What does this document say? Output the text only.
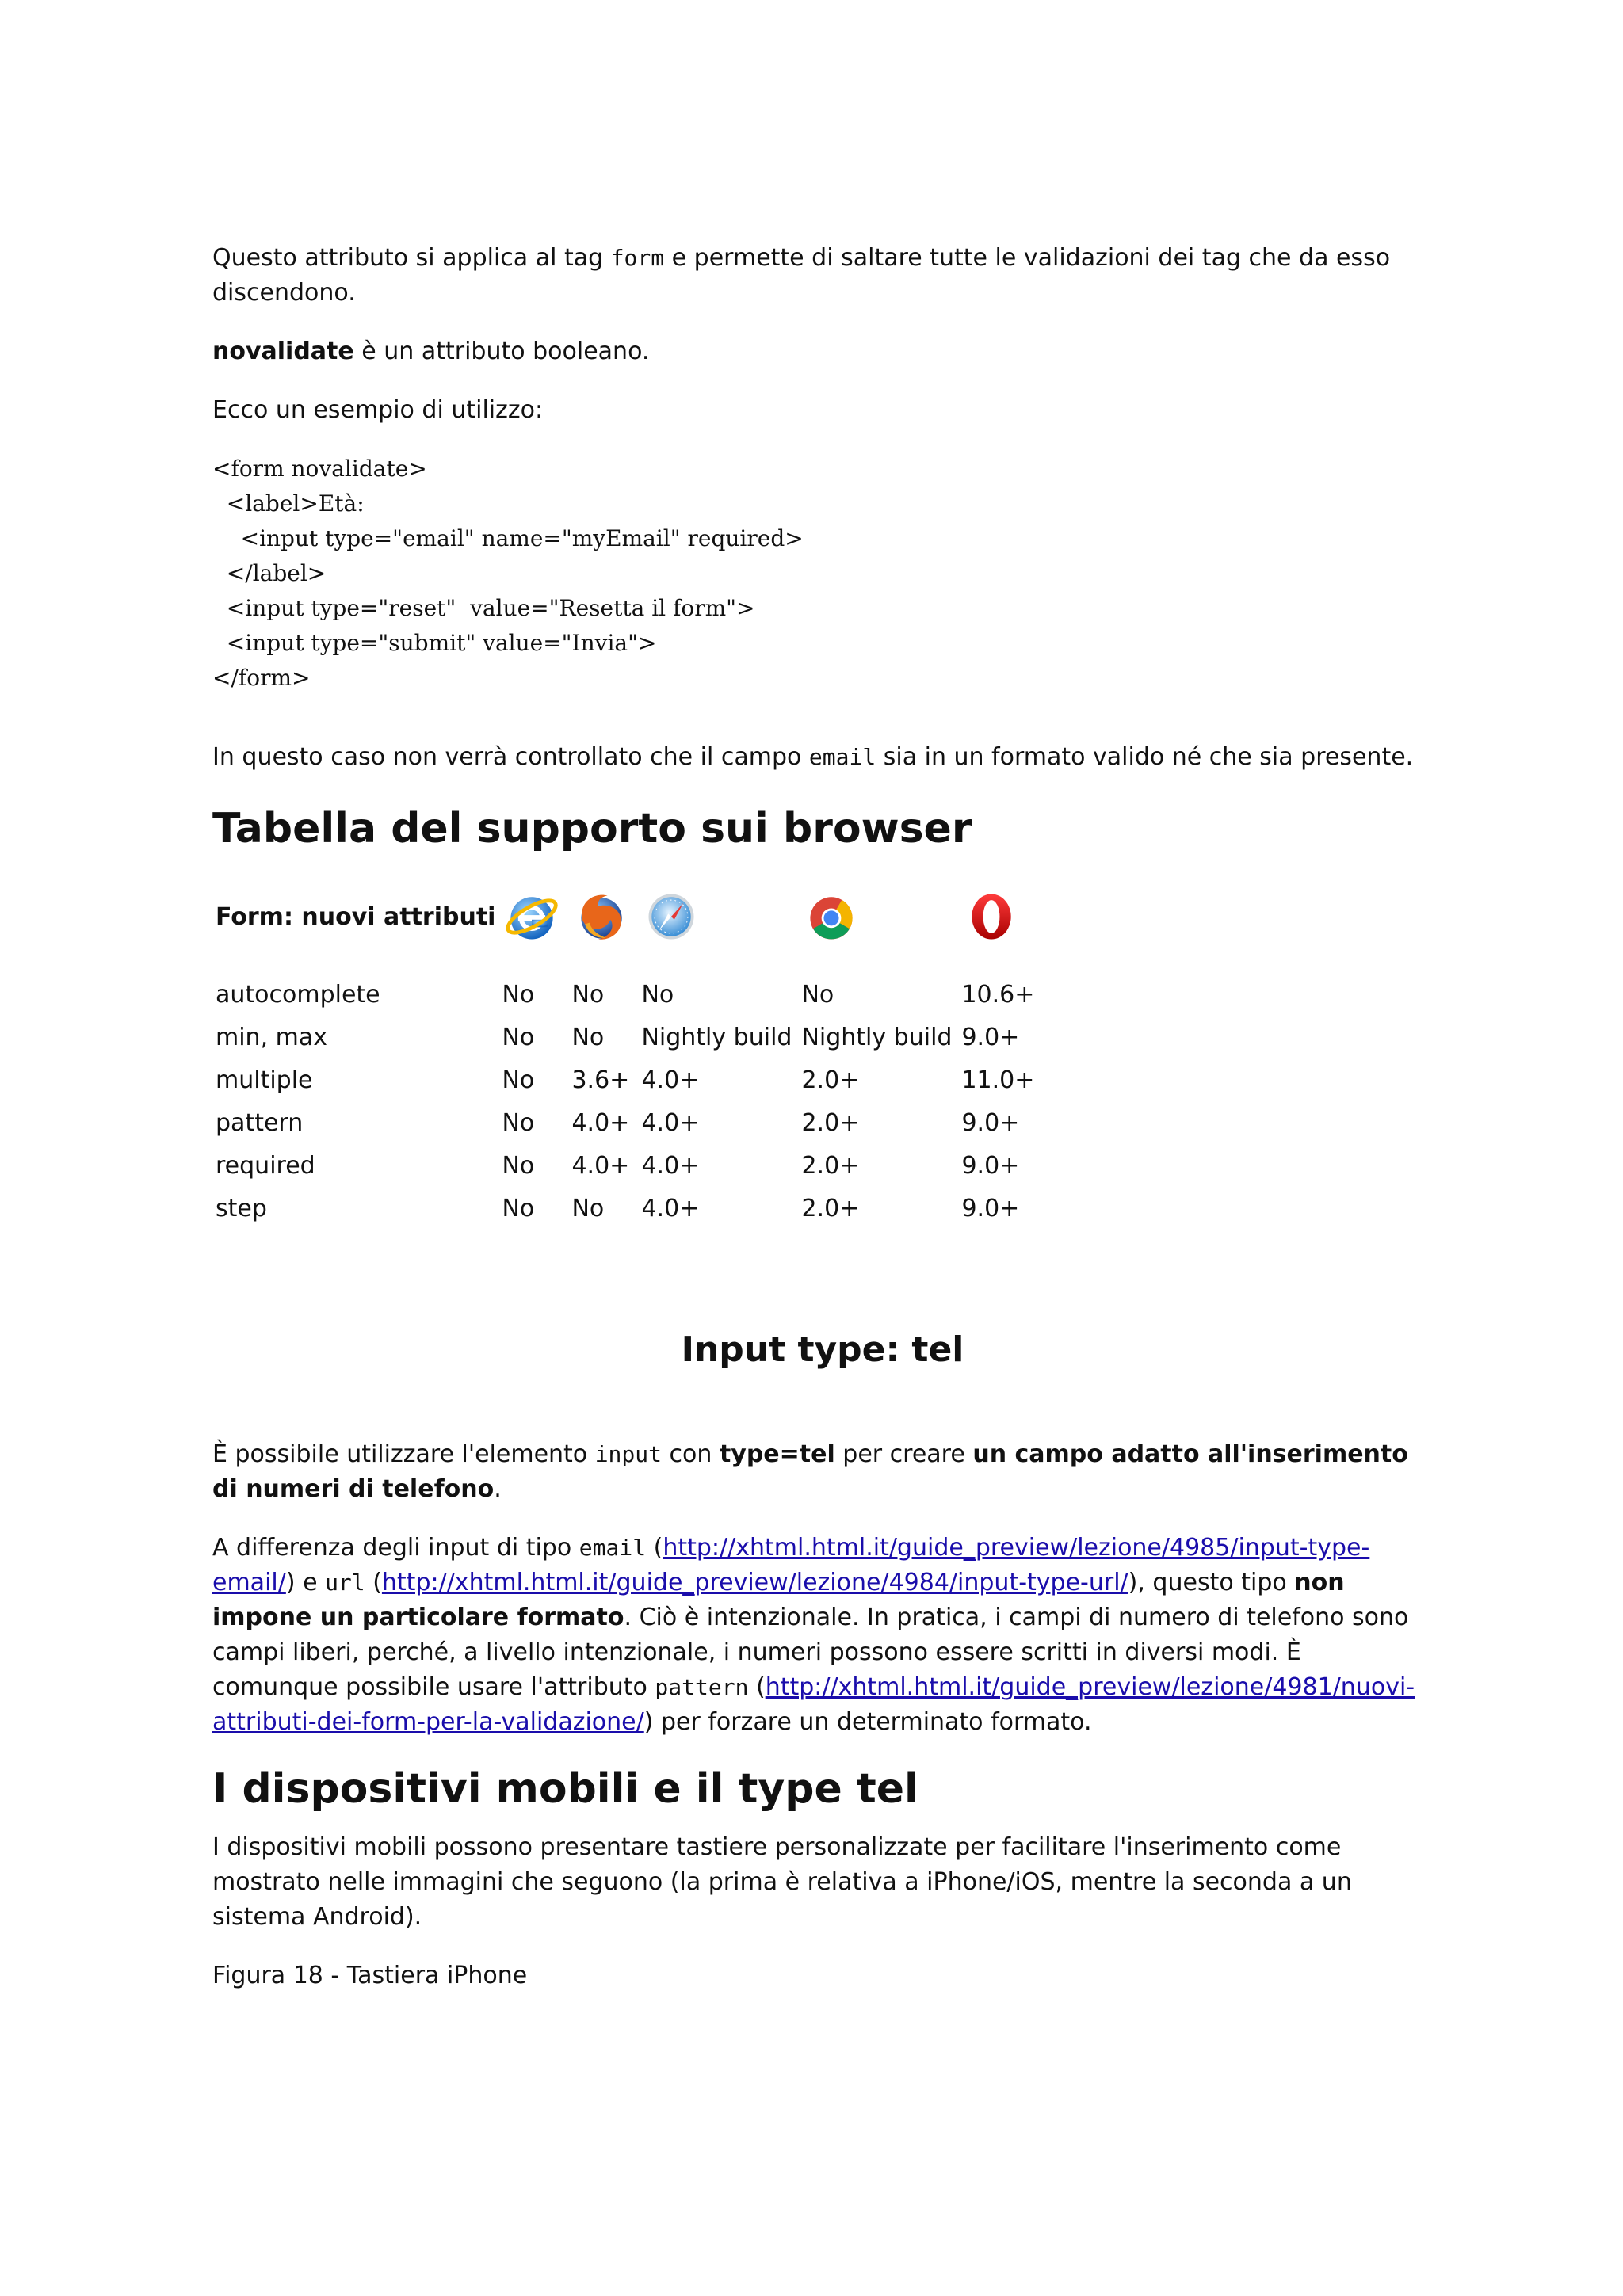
Questo attributo si applica al tag form e permette di saltare tutte le validazioni dei tag che da esso discendono.

novalidate è un attributo booleano.

Ecco un esempio di utilizzo:

<form novalidate>
<label>Età:
<input type="email" name="myEmail" required>
</label>
<input type="reset"  value="Resetta il form">
<input type="submit" value="Invia">
</form>

In questo caso non verrà controllato che il campo email sia in un formato valido né che sia presente.

Tabella del supporto sui browser
Form: nuovi attributi	

autocomplete	No	No	No	No	10.6+
min, max	No	No	Nightly build	Nightly build	9.0+
multiple	No	3.6+	4.0+	2.0+	11.0+
pattern	No	4.0+	4.0+	2.0+	9.0+
required	No	4.0+	4.0+	2.0+	9.0+
step	No	No	4.0+	2.0+	9.0+
Input type: tel

È possibile utilizzare l'elemento input con type=tel per creare un campo adatto all'inserimento di numeri di telefono.

A differenza degli input di tipo email (http://xhtml.html.it/guide_preview/lezione/4985/input-type-email/) e url (http://xhtml.html.it/guide_preview/lezione/4984/input-type-url/), questo tipo non impone un particolare formato. Ciò è intenzionale. In pratica, i campi di numero di telefono sono campi liberi, perché, a livello intenzionale, i numeri possono essere scritti in diversi modi. È comunque possibile usare l'attributo pattern (http://xhtml.html.it/guide_preview/lezione/4981/nuovi-attributi-dei-form-per-la-validazione/) per forzare un determinato formato.

I dispositivi mobili e il type tel

I dispositivi mobili possono presentare tastiere personalizzate per facilitare l'inserimento come mostrato nelle immagini che seguono (la prima è relativa a iPhone/iOS, mentre la seconda a un sistema Android).

Figura 18 - Tastiera iPhone
